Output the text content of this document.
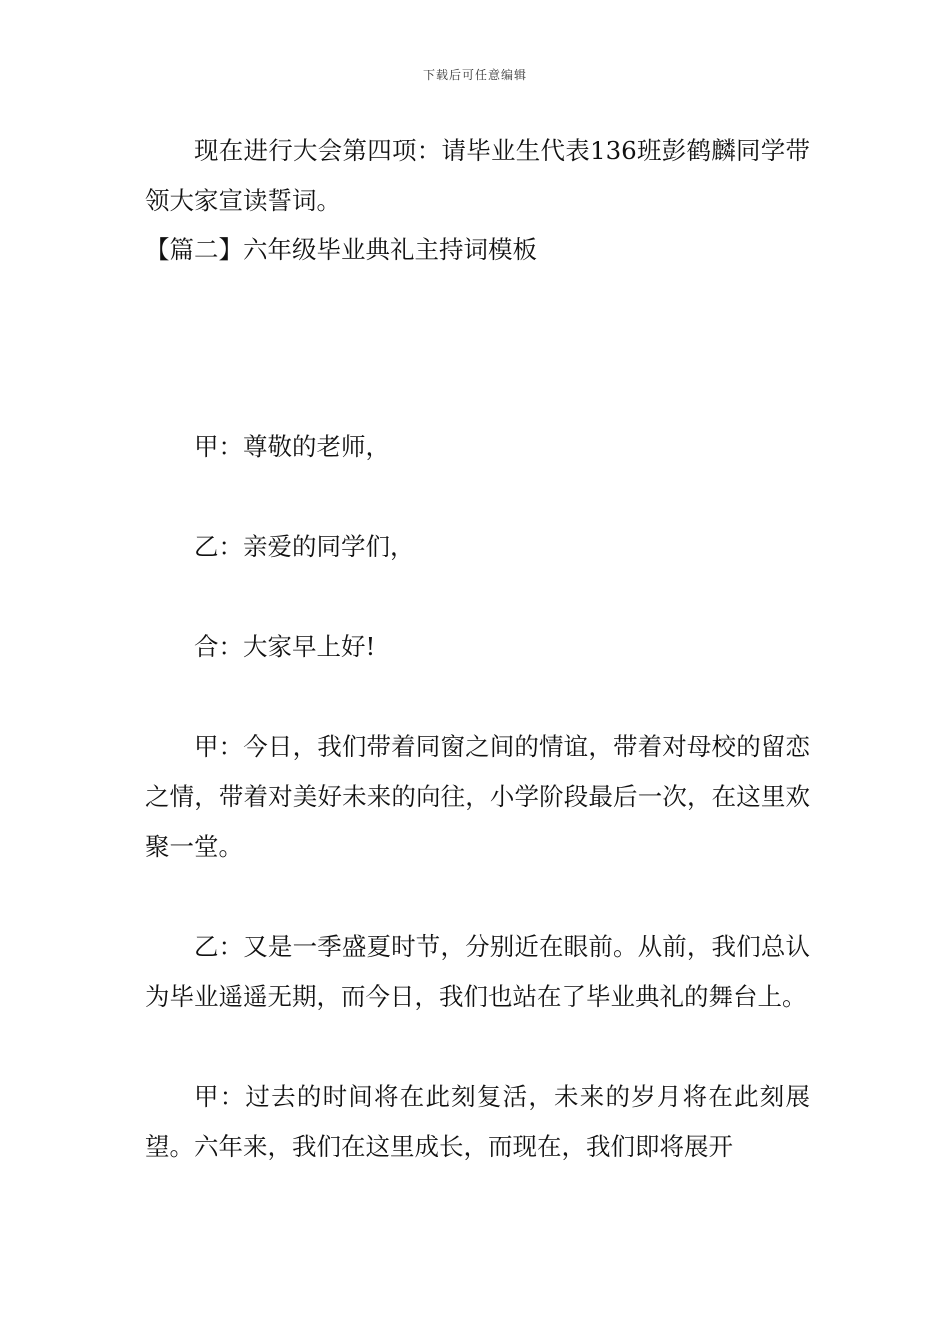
下载后可任意编辑

现在进行大会第四项：请毕业生代表136班彭鹤麟同学带领大家宣读誓词。

【篇二】六年级毕业典礼主持词模板

甲：尊敬的老师，

乙：亲爱的同学们，

合：大家早上好!

甲：今日，我们带着同窗之间的情谊，带着对母校的留恋之情，带着对美好未来的向往，小学阶段最后一次，在这里欢聚一堂。

乙：又是一季盛夏时节，分别近在眼前。从前，我们总认为毕业遥遥无期，而今日，我们也站在了毕业典礼的舞台上。

甲：过去的时间将在此刻复活，未来的岁月将在此刻展望。六年来，我们在这里成长，而现在，我们即将展开
